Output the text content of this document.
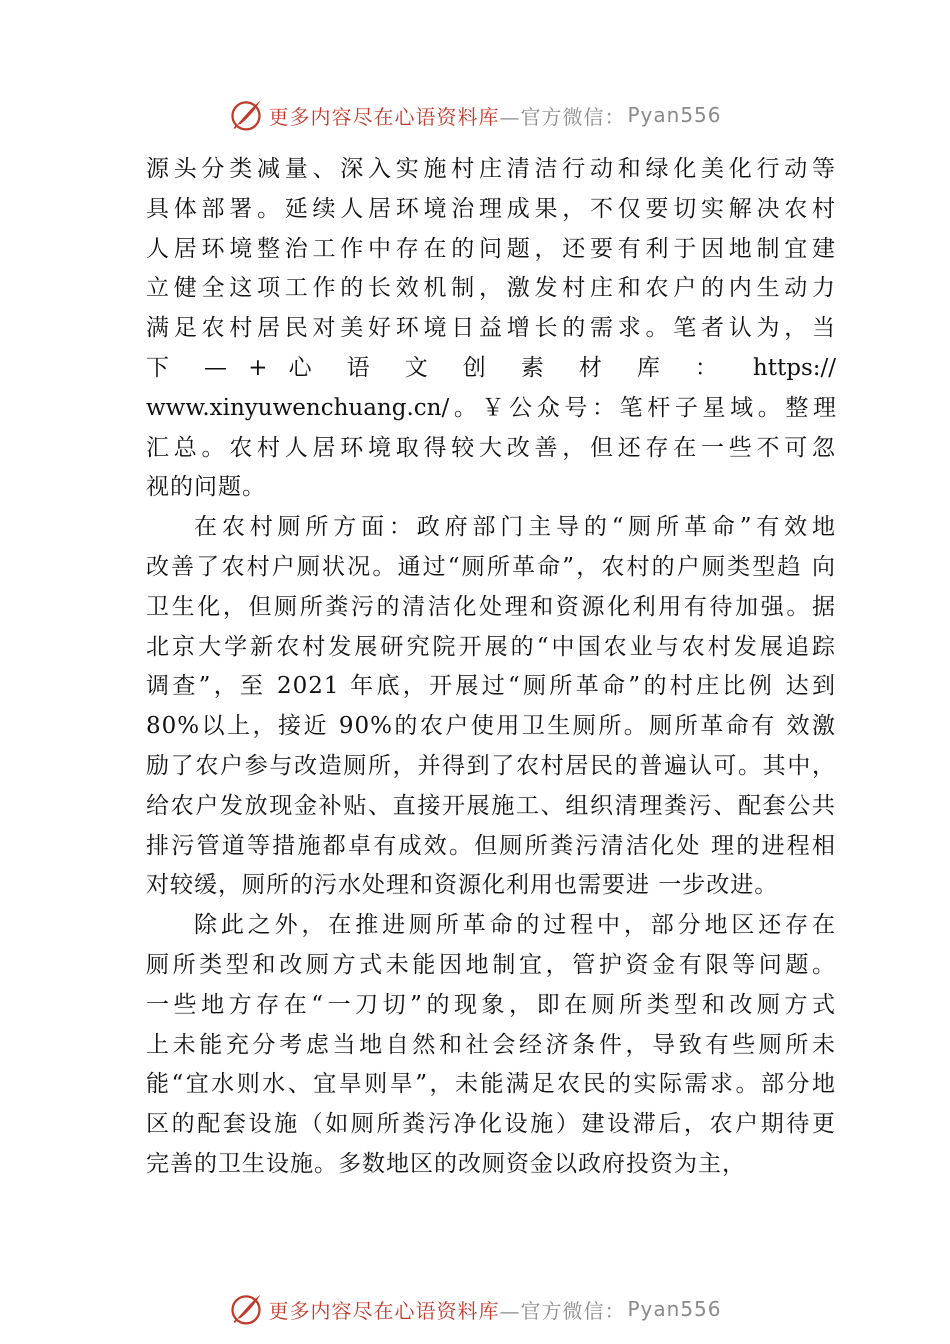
更多内容尽在心语资料库 —官方微信： Pyan556
源头分类减量、深入实施村庄清洁行动和绿化美化行动等
具体部署。延续人居环境治理成果，不仅要切实解决农村
人居环境整治工作中存在的问题，还要有利于因地制宜建
立健全这项工作的长效机制，激发村庄和农户的内生动力
满足农村居民对美好环境日益增长的需求。笔者认为，当
下 — + 心 语 文 创 素 材 库 ： https://
www.xinyuwenchuang.cn/。￥公众号：笔杆子星域。整理
汇总。农村人居环境取得较大改善，但还存在一些不可忽
视的问题。
在农村厕所方面：政府部门主导的“厕所革命”有效地
改善了农村户厕状况。通过“厕所革命”，农村的户厕类型趋 向
卫生化，但厕所粪污的清洁化处理和资源化利用有待加强。据
北京大学新农村发展研究院开展的“中国农业与农村发展追踪
调查”，至 2021 年底，开展过“厕所革命”的村庄比例 达到
80%以上，接近 90%的农户使用卫生厕所。厕所革命有 效激
励了农户参与改造厕所，并得到了农村居民的普遍认可。其中，
给农户发放现金补贴、直接开展施工、组织清理粪污、配套公共
排污管道等措施都卓有成效。但厕所粪污清洁化处 理的进程相
对较缓，厕所的污水处理和资源化利用也需要进 一步改进。
除此之外，在推进厕所革命的过程中，部分地区还存在
厕所类型和改厕方式未能因地制宜，管护资金有限等问题。
一些地方存在“一刀切”的现象，即在厕所类型和改厕方式
上未能充分考虑当地自然和社会经济条件，导致有些厕所未
能“宜水则水、宜旱则旱”，未能满足农民的实际需求。部分地
区的配套设施（如厕所粪污净化设施）建设滞后，农户期待更
完善的卫生设施。多数地区的改厕资金以政府投资为主，
更多内容尽在心语资料库 —官方微信： Pyan556
